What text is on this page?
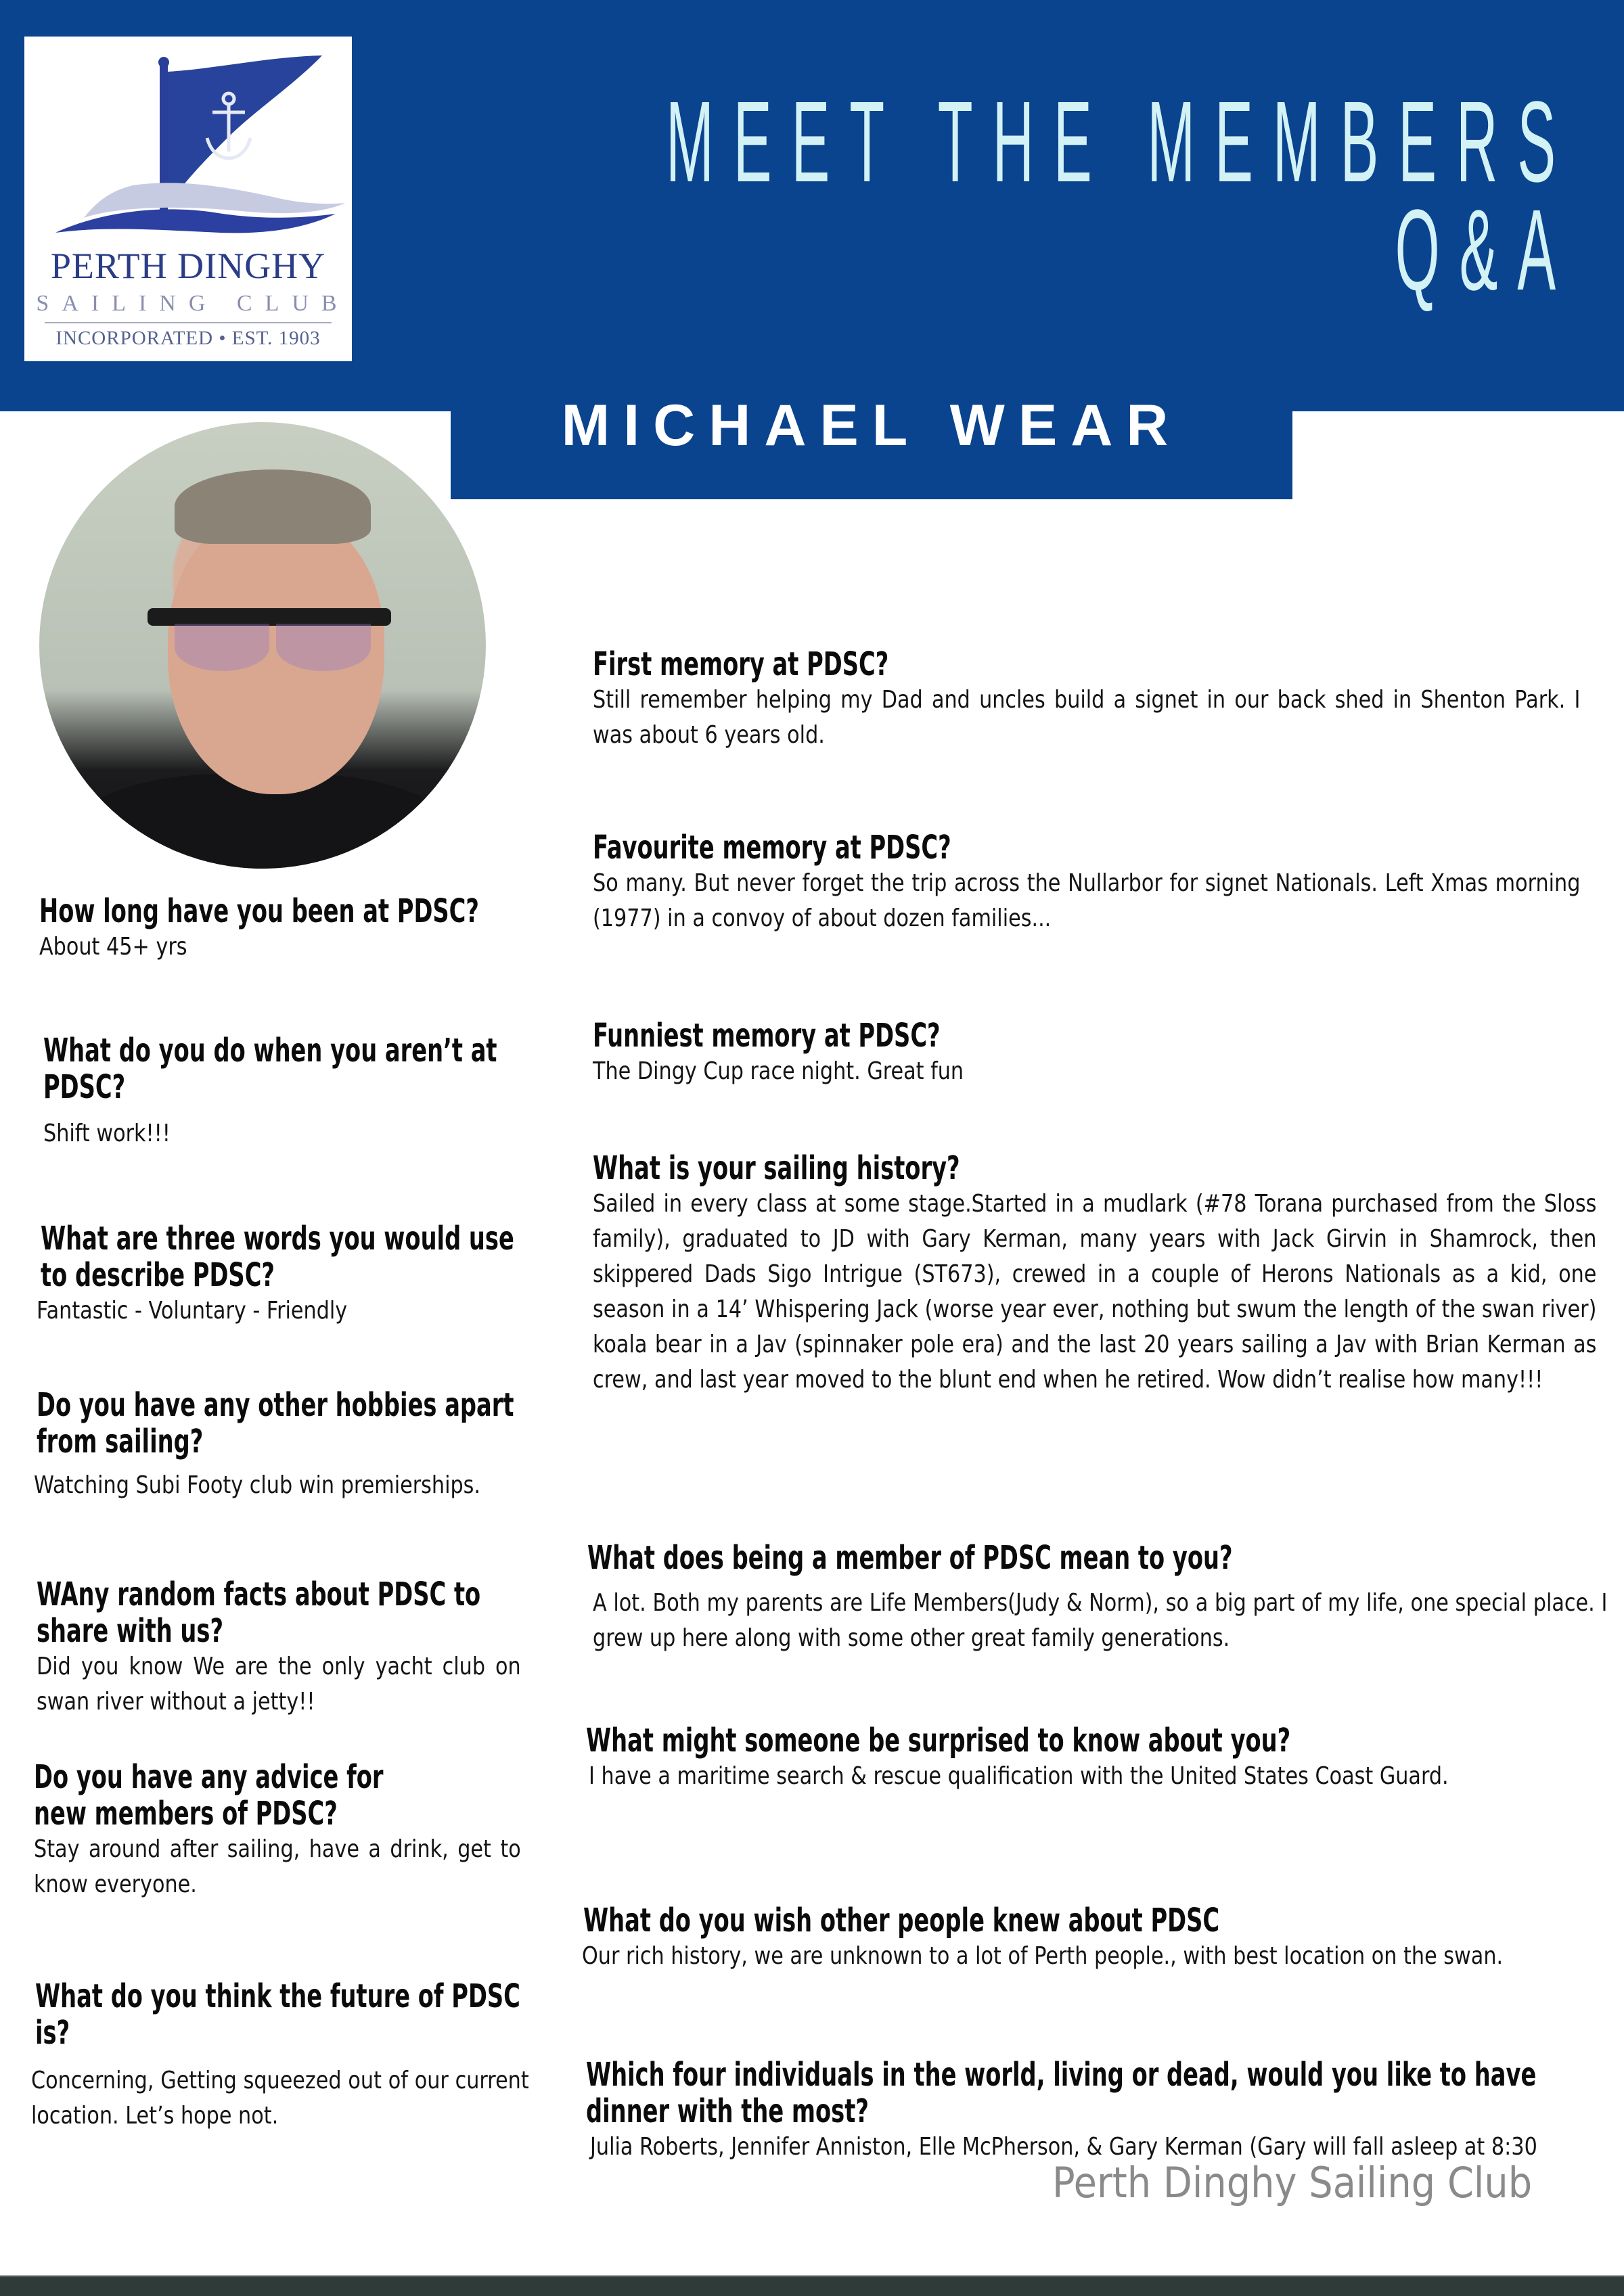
PERTH DINGHY
SAILING CLUB
INCORPORATED • EST. 1903
MEET THE MEMBERS
Q&A
MICHAEL WEAR
How long have you been at PDSC?

About 45+ yrs

What do you do when you aren’t at PDSC?

Shift work!!!

What are three words you would use to describe PDSC?

Fantastic - Voluntary - Friendly

Do you have any other hobbies apart from sailing?

Watching Subi Footy club win premierships.

WAny random facts about PDSC to share with us?

Did you know We are the only yacht club on swan river without a jetty!!

Do you have any advice for new members of PDSC?

Stay around after sailing, have a drink, get to know everyone.

What do you think the future of PDSC is?

Concerning, Getting squeezed out of our current location. Let’s hope not.

First memory at PDSC?

Still remember helping my Dad and uncles build a signet in our back shed in Shenton Park. I was about 6 years old.

Favourite memory at PDSC?

So many. But never forget the trip across the Nullarbor for signet Nationals. Left Xmas morning (1977) in a convoy of about dozen families...

Funniest memory at PDSC?

The Dingy Cup race night. Great fun

What is your sailing history?

Sailed in every class at some stage.Started in a mudlark (#78 Torana purchased from the Sloss family), graduated to JD with Gary Kerman, many years with Jack Girvin in Shamrock, then skippered Dads Sigo Intrigue (ST673), crewed in a couple of Herons Nationals as a kid, one season in a 14’ Whispering Jack (worse year ever, nothing but swum the length of the swan river) koala bear in a Jav (spinnaker pole era) and the last 20 years sailing a Jav with Brian Kerman as crew, and last year moved to the blunt end when he retired. Wow didn’t realise how many!!!

What does being a member of PDSC mean to you?

A lot. Both my parents are Life Members(Judy & Norm), so a big part of my life, one special place. I grew up here along with some other great family generations.

What might someone be surprised to know about you?

I have a maritime search & rescue qualification with the United States Coast Guard.

What do you wish other people knew about PDSC

Our rich history, we are unknown to a lot of Perth people., with best location on the swan.

Which four individuals in the world, living or dead, would you like to have dinner with the most?

Julia Roberts, Jennifer Anniston, Elle McPherson, & Gary Kerman (Gary will fall asleep at 8:30

Perth Dinghy Sailing Club
